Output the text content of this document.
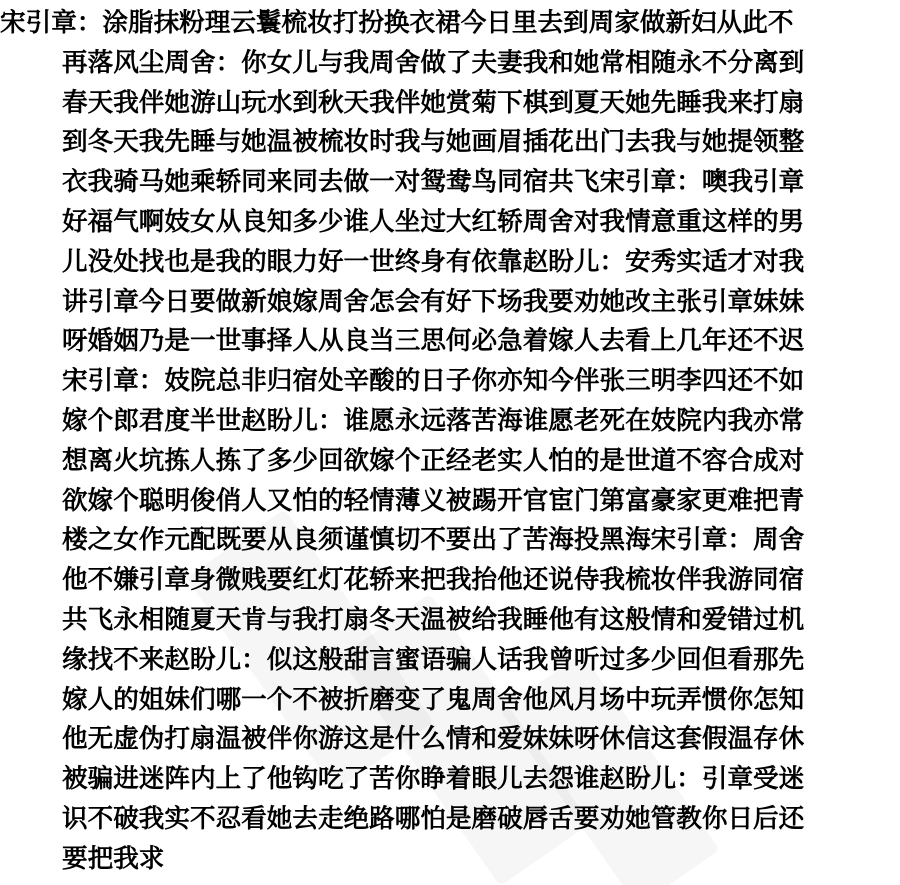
宋引章：涂脂抹粉理云鬟梳妆打扮换衣裙今日里去到周家做新妇从此不
再落风尘周舍：你女儿与我周舍做了夫妻我和她常相随永不分离到
春天我伴她游山玩水到秋天我伴她赏菊下棋到夏天她先睡我来打扇
到冬天我先睡与她温被梳妆时我与她画眉插花出门去我与她提领整
衣我骑马她乘轿同来同去做一对鸳鸯鸟同宿共飞宋引章：噢我引章
好福气啊妓女从良知多少谁人坐过大红轿周舍对我情意重这样的男
儿没处找也是我的眼力好一世终身有依靠赵盼儿：安秀实适才对我
讲引章今日要做新娘嫁周舍怎会有好下场我要劝她改主张引章妹妹
呀婚姻乃是一世事择人从良当三思何必急着嫁人去看上几年还不迟
宋引章：妓院总非归宿处辛酸的日子你亦知今伴张三明李四还不如
嫁个郎君度半世赵盼儿：谁愿永远落苦海谁愿老死在妓院内我亦常
想离火坑拣人拣了多少回欲嫁个正经老实人怕的是世道不容合成对
欲嫁个聪明俊俏人又怕的轻情薄义被踢开官宦门第富豪家更难把青
楼之女作元配既要从良须谨慎切不要出了苦海投黑海宋引章：周舍
他不嫌引章身微贱要红灯花轿来把我抬他还说侍我梳妆伴我游同宿
共飞永相随夏天肯与我打扇冬天温被给我睡他有这般情和爱错过机
缘找不来赵盼儿：似这般甜言蜜语骗人话我曾听过多少回但看那先
嫁人的姐妹们哪一个不被折磨变了鬼周舍他风月场中玩弄惯你怎知
他无虚伪打扇温被伴你游这是什么情和爱妹妹呀休信这套假温存休
被骗进迷阵内上了他钩吃了苦你睁着眼儿去怨谁赵盼儿：引章受迷
识不破我实不忍看她去走绝路哪怕是磨破唇舌要劝她管教你日后还
要把我求
